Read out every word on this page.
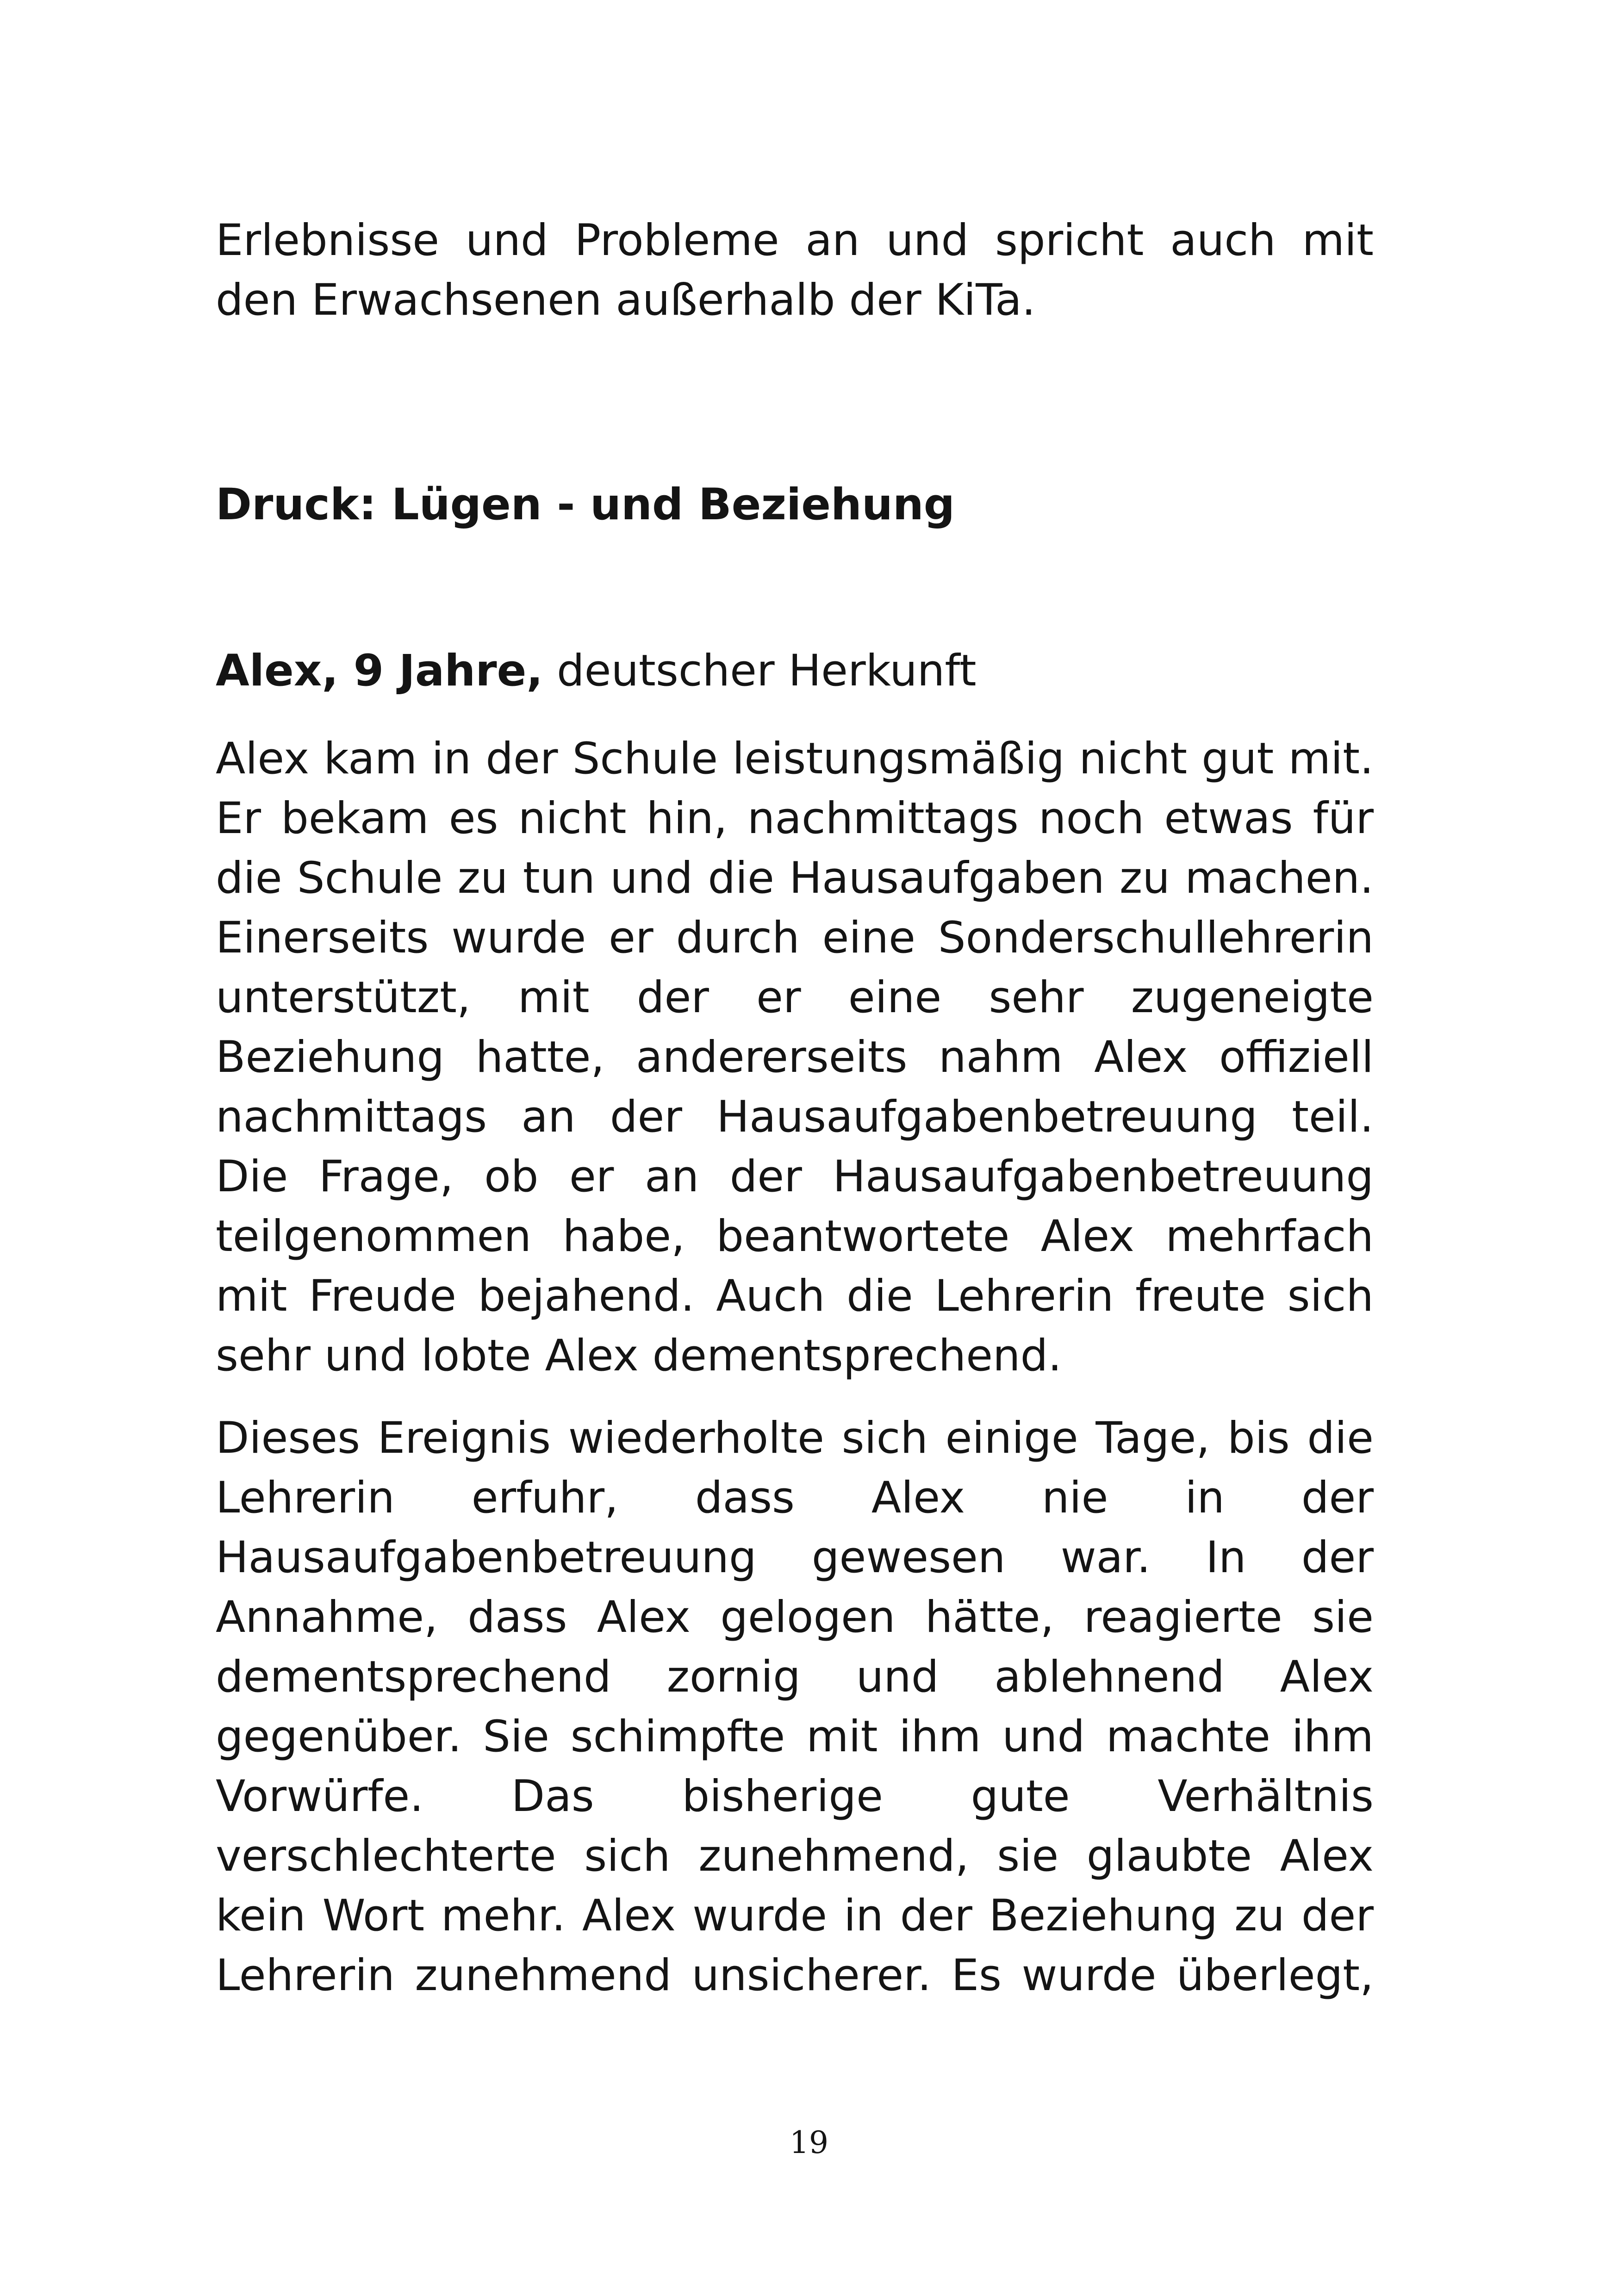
Erlebnisse und Probleme an und spricht auch mit den Erwachsenen außerhalb der KiTa.

Druck: Lügen - und Beziehung

Alex, 9 Jahre, deutscher Herkunft

Alex kam in der Schule leistungsmäßig nicht gut mit. Er bekam es nicht hin, nachmittags noch etwas für die Schule zu tun und die Hausaufgaben zu machen. Einerseits wurde er durch eine Sonderschullehrerin unterstützt, mit der er eine sehr zugeneigte Beziehung hatte, andererseits nahm Alex offiziell nachmittags an der Hausaufgabenbetreuung teil. Die Frage, ob er an der Hausaufgabenbetreuung teilgenommen habe, beantwortete Alex mehrfach mit Freude bejahend. Auch die Lehrerin freute sich sehr und lobte Alex dementsprechend.

Dieses Ereignis wiederholte sich einige Tage, bis die Lehrerin erfuhr, dass Alex nie in der Hausaufgabenbetreuung gewesen war. In der Annahme, dass Alex gelogen hätte, reagierte sie dementsprechend zornig und ablehnend Alex gegenüber. Sie schimpfte mit ihm und machte ihm Vorwürfe. Das bisherige gute Verhältnis verschlechterte sich zunehmend, sie glaubte Alex kein Wort mehr. Alex wurde in der Beziehung zu der Lehrerin zunehmend unsicherer. Es wurde überlegt,

19
